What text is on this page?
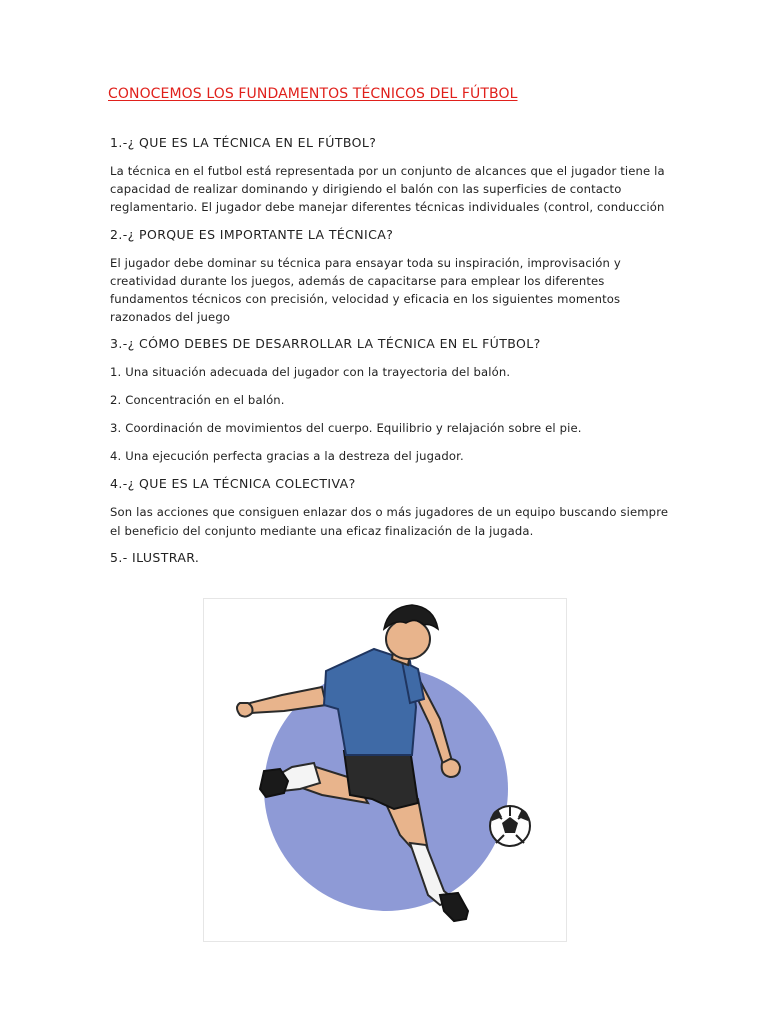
CONOCEMOS LOS FUNDAMENTOS TÉCNICOS DEL FÚTBOL
1.-¿ QUE ES LA TÉCNICA EN EL FÚTBOL?
La técnica en el futbol está representada por un conjunto de alcances que el jugador tiene la capacidad de realizar dominando y dirigiendo el balón con las superficies de contacto reglamentario. El jugador debe manejar diferentes técnicas individuales (control, conducción
2.-¿ PORQUE ES IMPORTANTE LA TÉCNICA?
El jugador debe dominar su técnica para ensayar toda su inspiración, improvisación y creatividad durante los juegos, además de capacitarse para emplear los diferentes fundamentos técnicos con precisión, velocidad y eficacia en los siguientes momentos razonados del juego
3.-¿ CÓMO DEBES DE DESARROLLAR LA TÉCNICA EN EL FÚTBOL?
1. Una situación adecuada del jugador con la trayectoria del balón.
2. Concentración en el balón.
3. Coordinación de movimientos del cuerpo. Equilibrio y relajación sobre el pie.
4. Una ejecución perfecta gracias a la destreza del jugador.
4.-¿ QUE ES LA TÉCNICA COLECTIVA?
Son las acciones que consiguen enlazar dos o más jugadores de un equipo buscando siempre el beneficio del conjunto mediante una eficaz finalización de la jugada.
5.- ILUSTRAR.
